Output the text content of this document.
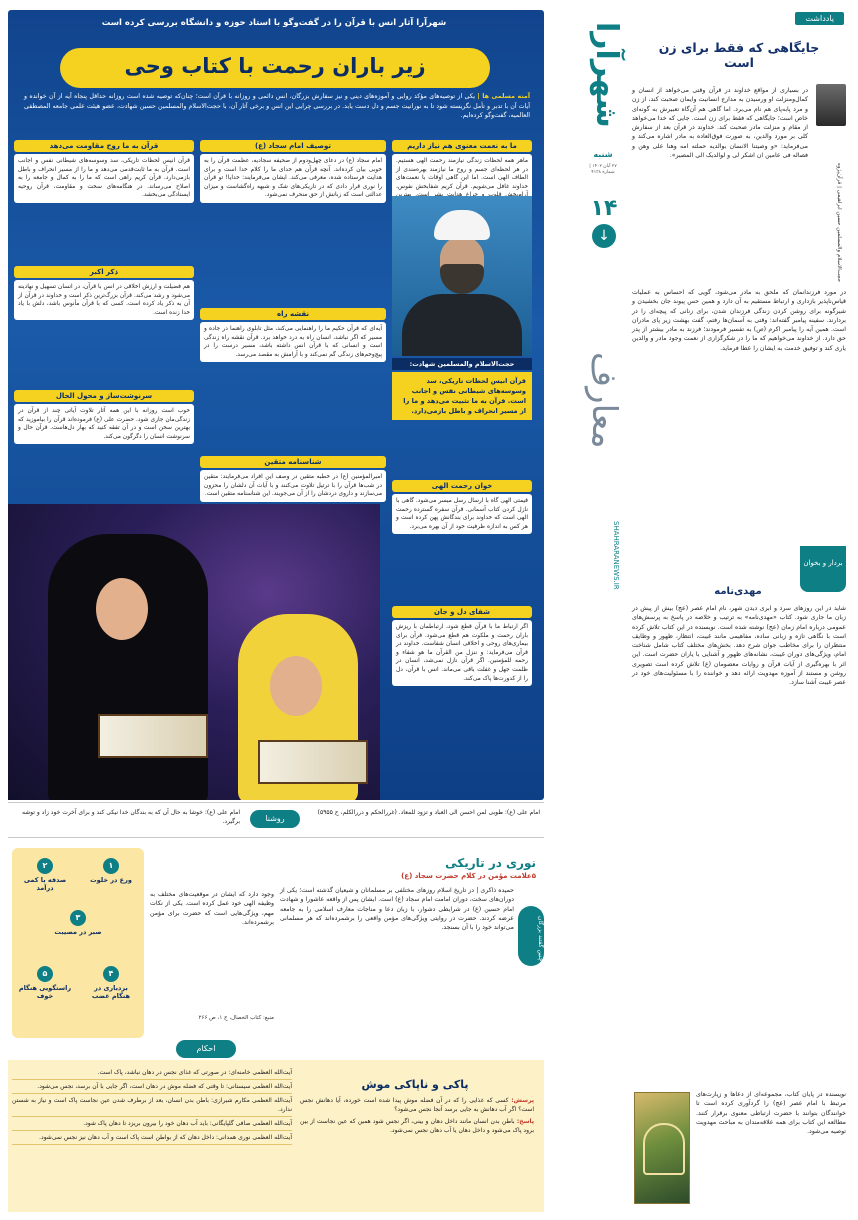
شهرآرا
شنبه
۲۷ آبان ۱۴۰۲ | شماره ۴۱۳۸
۱۴
↓
معارف
SHAHRARANEWS.IR
یادداشت
جایگاهی که فقط برای زن است
حجت‌الاسلام والمسلمین حسین ابراهیمی | قرآن‌پژوه

در بسیاری از مواقع خداوند در قرآن وقتی می‌خواهد از انسان و کمال‌ومنزلت او ورسیدن به مدارج انسانیت وایمان صحبت کند، از زن و مرد پابه‌پای هم نام می‌برد. اما گاهی هم آن‌گاه تعبیرش به گونه‌ای خاص است؛ جایگاهی که فقط برای زن است. جایی که خدا می‌خواهد از مقام و منزلت مادر صحبت کند. خداوند در قرآن بعد از سفارش کلی بر مورد والدین، به صورت فوق‌العاده به مادر اشاره می‌کند و می‌فرماید: «و وصیتنا الانسان بوالدیه حملته امه وهنا علی وهن و فصاله فی عامین ان اشکر لی و لوالدیک الی المصیر».

در مورد فرزندانمان که ملحق به مادر می‌شود، گویی که احساس به عملیات قیاس‌ناپذیر بازداری و ارتباط مستقیم به آن دارد و همین حس پیوند جان بخشیدن و شیرگونه برای روشن کردن زندگی فرزندان شدن، برای زنانی که پیچه‌ای را در بردارند. سفینه پیامبر گفته‌اند: وقتی به آسمان‌ها رفتم، گفت بهشت زیر پای مادران است. همین آیه را پیامبر اکرم (ص) به تفسیر فرمودند؛ فرزند به مادر بیشتر از پدر حق دارد. از خداوند می‌خواهیم که ما را در شکرگزاری از نعمت وجود مادر و والدین یاری کند و توفیق خدمت به ایشان را عطا فرماید.

بردار و بخوان
مهدی‌نامه

شاید در این روزهای سرد و ابری دیدن شهر، نام امام عصر (عج) بیش از پیش در زبان ما جاری شود. کتاب «مهدی‌نامه» به ترتیب و خلاصه در پاسخ به پرسش‌های عمومی درباره امام زمان (عج) نوشته شده است. نویسنده در این کتاب تلاش کرده است با نگاهی تازه و زبانی ساده، مفاهیمی مانند غیبت، انتظار، ظهور و وظایف منتظران را برای مخاطب جوان شرح دهد. بخش‌های مختلف کتاب شامل شناخت امام، ویژگی‌های دوران غیبت، نشانه‌های ظهور و آشنایی با یاران حضرت است. این اثر با بهره‌گیری از آیات قرآن و روایات معصومان (ع) تلاش کرده است تصویری روشن و مستند از آموزه مهدویت ارائه دهد و خواننده را با مسئولیت‌های خود در عصر غیبت آشنا سازد.

نویسنده در پایان کتاب، مجموعه‌ای از دعاها و زیارت‌های مرتبط با امام عصر (عج) را گردآوری کرده است تا خوانندگان بتوانند با حضرت ارتباطی معنوی برقرار کنند. مطالعه این کتاب برای همه علاقه‌مندان به مباحث مهدویت توصیه می‌شود.

شهرآرا آثار انس با قرآن را در گفت‌وگو با استاد حوزه و دانشگاه بررسی کرده است
زیر باران رحمت با کتاب وحی
آمنه مسلمی ها | یکی از توصیه‌های مؤکد روایی و آموزه‌های دینی و نیز سفارش بزرگان، انس دائمی و روزانه با قرآن است؛ چنان‌که توصیه شده است روزانه حداقل پنجاه آیه از آن خوانده و آیات آن با تدبر و تأمل نگریسته شود تا به نورانیت جسم و دل دست یابد. در بررسی چرایی این انس و برخی آثار آن، با حجت‌الاسلام والمسلمین حسین شهادت، عضو هیئت علمی جامعه المصطفی العالمیه، گفت‌وگو کرده‌ایم.
ما به نعمت معنوی هم نیاز داریم

ماهر همه لحظات زندگی نیازمند رحمت الهی هستیم. در هر لحظه‌ای جسم و روح ما نیازمند بهره‌مندی از الطاف الهی است. اما این گاهی اوقات با نعمت‌های خداوند غافل می‌شویم. قرآن کریم شفابخش نفوس،

توصیف امام سجاد (ع)

امام سجاد (ع) در دعای چهل‌ودوم از صحیفه سجادیه، عظمت قرآن را به خوبی بیان کرده‌اند. آنچه قرآن هم خدای ما را کلام خدا است و برای هدایت فرستاده شده، معرفی می‌کند. ایشان می‌فرمایند: خدایا! تو قرآن را نوری قرار دادی که در تاریکی‌های شک و شبهه راه‌گشاست و میزان عدالتی است که زبانش از حق منحرف نمی‌شود.

قرآن به ما روح مقاومت می‌دهد

قرآن انیس لحظات تاریکی، سد وسوسه‌های شیطانی نفس و اجانب است. قرآن به ما ثابت‌قدمی می‌دهد و ما را از مسیر انحراف و باطل بازمی‌دارد. قرآن کریم راهی است که ما را به کمال و جامعه را به اصلاح می‌رساند. در هنگامه‌های سخت و مقاومت، قرآن روحیه ایستادگی می‌بخشد.

نقشه راه

آیه‌ای که قرآن حکیم ما را راهنمایی می‌کند، مثل تابلوی راهنما در جاده و مسیر که اگر نباشد، انسان راه به درد خواهد برد. قرآن نقشه راه زندگی است و انسانی که با قرآن انس داشته باشد، مسیر درست را در پیچ‌وخم‌های زندگی گم نمی‌کند و با آرامش به مقصد می‌رسد.

ذکر اکبر

هم فضیلت و ارزش اخلاقی در انس با قرآن، در انسان تسهیل و نهادینه می‌شود و رشد می‌کند. قرآن بزرگ‌ترین ذکر است و خداوند در قرآن از آن به ذکر یاد کرده است. کسی که با قرآن مأنوس باشد، دلش با یاد خدا زنده است.

شناسنامه متقین

امیرالمؤمنین (ع) در خطبه متقین در وصف این افراد می‌فرمایند: متقین در شب‌ها قرآن را با ترتیل تلاوت می‌کنند و با آیات آن دلشان را محزون می‌سازند و داروی دردشان را از آن می‌جویند. این شناسنامه متقین است.

سرنوشت‌ساز و محول الحال

خوب است روزانه با این همه آثار تلاوت آیاتی چند از قرآن در زندگی‌مان جاری شود. حضرت علی (ع) فرموده‌اند قرآن را بیاموزید که بهترین سخن است و در آن تفقه کنید که بهار دل‌هاست. قرآن حال و سرنوشت انسان را دگرگون می‌کند.

خوان رحمت الهی

قیمتی الهی گاه با ارسال رسل میسر می‌شود. گاهی با نازل کردن کتاب آسمانی. قرآن سفره گسترده رحمت الهی است که خداوند برای بندگانش پهن کرده است و هر کس به اندازه ظرفیت خود از آن بهره می‌برد.

شفای دل و جان

اگر ارتباط ما با قرآن قطع شود، ارتباطمان با ریزش باران رحمت و ملکوت هم قطع می‌شود. قرآن برای بیماری‌های روحی و اخلاقی انسان شفاست. خداوند در قرآن می‌فرماید: و ننزل من القرآن ما هو شفاء و رحمه للمؤمنین. اگر قرآن نازل نمی‌شد، انسان در ظلمت جهل و غفلت باقی می‌ماند. انس با قرآن، دل را از کدورت‌ها پاک می‌کند.

حجت‌الاسلام والمسلمین شهادت:
قرآن انیس لحظات تاریکی، سد وسوسه‌های شیطانی نفس و اجانب است. قرآن به ما تثبیت می‌دهد و ما را از مسیر انحراف و باطل بازمی‌دارد.
امام علی (ع): طوبی لمن احسن الی العباد و تزود للمعاد. (غررالحکم و دررالکلم، ح ۵۹۵۵)
روشنا
امام علی (ع): خوشا به حال آن که به بندگان خدا نیکی کند و برای آخرت خود زاد و توشه برگیرد.
نوری در تاریکی
۵علامت مؤمن در کلام حضرت سجاد (ع)
چنین گفتند بزرگان

حمیده ذاکری | در تاریخ اسلام روزهای مختلفی بر مسلمانان و شیعیان گذشته است؛ یکی از دوران‌های سخت، دوران امامت امام سجاد (ع) است. ایشان پس از واقعه عاشورا و شهادت امام حسین (ع) در شرایطی دشوار، با زبان دعا و مناجات معارف اسلامی را به جامعه عرضه کردند. حضرت در روایتی ویژگی‌های مؤمن واقعی را برشمرده‌اند که هر مسلمانی می‌تواند خود را با آن بسنجد.

وجود دارد که ایشان در موقعیت‌های مختلف به وظیفه الهی خود عمل کرده است. یکی از نکات مهم، ویژگی‌هایی است که حضرت برای مؤمن برشمرده‌اند.

منبع: کتاب الخصال، ج ۱، ص ۲۶۶
۱
ورع در خلوت
۲
صدقه با کمی درآمد
۳
صبر در مصیبت
۴
بردباری در هنگام غضب
۵
راستگویی هنگام خوف
احکام
پاکی و ناپاکی موش

پرسش: کسی که غذایی را که در آن فضله موش پیدا شده است خورده، آیا دهانش نجس است؟ اگر آب دهانش به جایی برسد آنجا نجس می‌شود؟

پاسخ: باطن بدن انسان مانند داخل دهان و بینی، اگر نجس شود همین که عین نجاست از بین برود پاک می‌شود و داخل دهان یا آب دهان نجس نمی‌شود.

آیت‌الله العظمی خامنه‌ای: در صورتی که غذای نجس در دهان نباشد، پاک است.

آیت‌الله العظمی سیستانی: تا وقتی که فضله موش در دهان است، اگر جایی با آن برسد، نجس می‌شود.

آیت‌الله العظمی مکارم شیرازی: باطن بدن انسان، بعد از برطرف شدن عین نجاست پاک است و نیاز به شستن ندارد.

آیت‌الله العظمی صافی گلپایگانی: باید آب دهان خود را بیرون بریزد تا دهان پاک شود.

آیت‌الله العظمی نوری همدانی: داخل دهان که از بواطن است پاک است و آب دهان نیز نجس نمی‌شود.
